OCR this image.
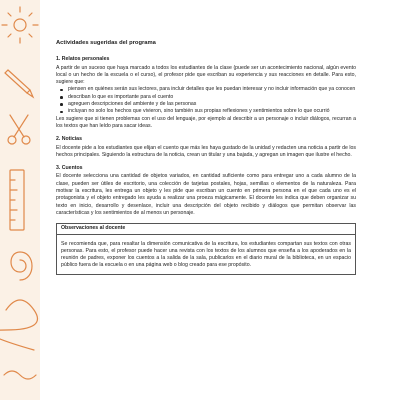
Actividades sugeridas del programa
1. Relatos personales

A partir de un suceso que haya marcado a todos los estudiantes de la clase (puede ser un acontecimiento nacional, algún evento local o un hecho de la escuela o el curso), el profesor pide que escriban su experiencia y sus reacciones en detalle. Para esto, sugiere que:

piensen en quiénes serán sus lectores, para incluir detalles que les puedan interesar y no incluir información que ya conocen
describan lo que es importante para el cuento
agreguen descripciones del ambiente y de las personas
incluyan no solo los hechos que vivieron, sino también sus propias reflexiones y sentimientos sobre lo que ocurrió

Les sugiere que si tienen problemas con el uso del lenguaje, por ejemplo al describir a un personaje o incluir diálogos, recurran a los textos que han leído para sacar ideas.

2. Noticias

El docente pide a los estudiantes que elijan el cuento que más les haya gustado de la unidad y redacten una noticia a partir de los hechos principales. Siguiendo la estructura de la noticia, crean un titular y una bajada, y agregan un imagen que ilustre el hecho.

3. Cuentos

El docente selecciona una cantidad de objetos variados, en cantidad suficiente como para entregar uno a cada alumno de la clase, pueden ser útiles de escritorio, una colección de tarjetas postales, hojas, semillas o elementos de la naturaleza. Para motivar la escritura, les entrega un objeto y les pide que escriban un cuento en primera persona en el que cada uno es el protagonista y el objeto entregado les ayuda a realizar una proeza mágicamente. El docente les indica que deben organizar su texto en inicio, desarrollo y desenlace, incluir una descripción del objeto recibido y diálogos que permitan observar las características y los sentimientos de al menos un personaje.

Observaciones al docente
Se recomienda que, para resaltar la dimensión comunicativa de la escritura, los estudiantes compartan sus textos con otras personas. Para esto, el profesor puede hacer una revista con los textos de los alumnos que enseña a los apoderados en la reunión de padres, exponer los cuentos a la salida de la sala, publicarlos en el diario mural de la biblioteca, en un espacio público fuera de la escuela o en una página web o blog creado para ese propósito.
